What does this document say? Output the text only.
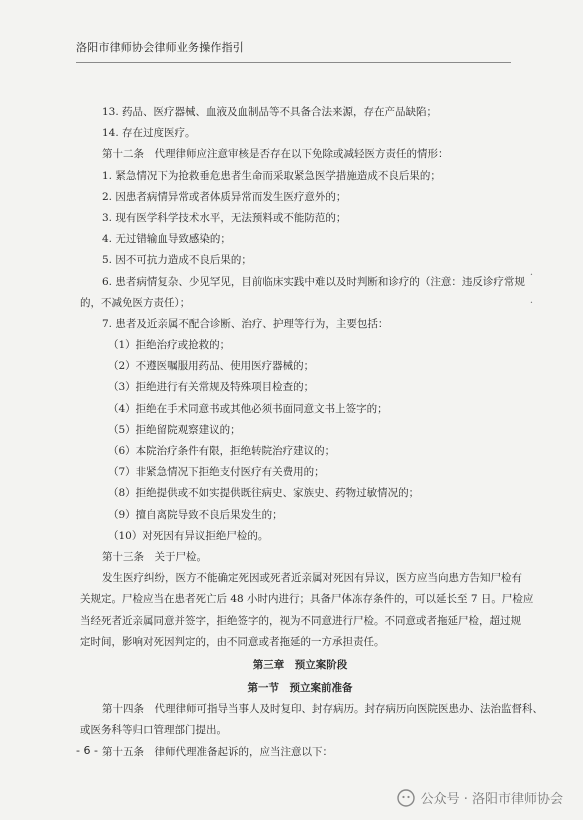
洛阳市律师协会律师业务操作指引
13. 药品、医疗器械、血液及血制品等不具备合法来源，存在产品缺陷；
14. 存在过度医疗。
第十二条　代理律师应注意审核是否存在以下免除或减轻医方责任的情形：
1. 紧急情况下为抢救垂危患者生命而采取紧急医学措施造成不良后果的；
2. 因患者病情异常或者体质异常而发生医疗意外的；
3. 现有医学科学技术水平，无法预料或不能防范的；
4. 无过错输血导致感染的；
5. 因不可抗力造成不良后果的；
6. 患者病情复杂、少见罕见，目前临床实践中难以及时判断和诊疗的（注意：违反诊疗常规
的，不减免医方责任）；
7. 患者及近亲属不配合诊断、治疗、护理等行为，主要包括：
（1）拒绝治疗或抢救的；
（2）不遵医嘱服用药品、使用医疗器械的；
（3）拒绝进行有关常规及特殊项目检查的；
（4）拒绝在手术同意书或其他必须书面同意文书上签字的；
（5）拒绝留院观察建议的；
（6）本院治疗条件有限，拒绝转院治疗建议的；
（7）非紧急情况下拒绝支付医疗有关费用的；
（8）拒绝提供或不如实提供既往病史、家族史、药物过敏情况的；
（9）擅自离院导致不良后果发生的；
（10）对死因有异议拒绝尸检的。
第十三条　关于尸检。
发生医疗纠纷，医方不能确定死因或死者近亲属对死因有异议，医方应当向患方告知尸检有
关规定。尸检应当在患者死亡后 48 小时内进行；具备尸体冻存条件的，可以延长至 7 日。尸检应
当经死者近亲属同意并签字，拒绝签字的，视为不同意进行尸检。不同意或者拖延尸检，超过规
定时间，影响对死因判定的，由不同意或者拖延的一方承担责任。
第三章　预立案阶段
第一节　预立案前准备
第十四条　代理律师可指导当事人及时复印、封存病历。封存病历向医院医患办、法治监督科、
或医务科等归口管理部门提出。
第十五条　律师代理准备起诉的，应当注意以下：
·
·
- 6 -
公众号 · 洛阳市律师协会
